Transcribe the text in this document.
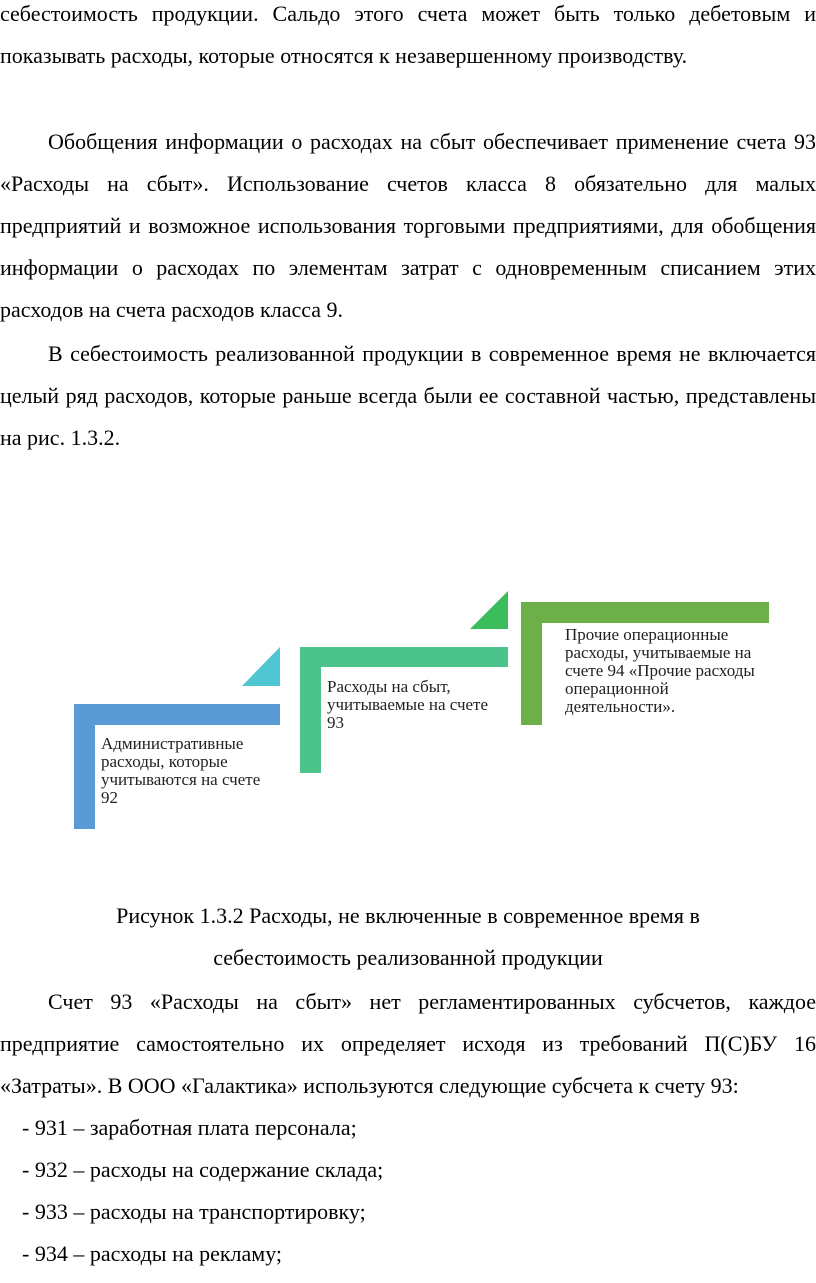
себестоимость продукции. Сальдо этого счета может быть только дебетовым и показывать расходы, которые относятся к незавершенному производству.

Обобщения информации о расходах на сбыт обеспечивает применение счета 93 «Расходы на сбыт». Использование счетов класса 8 обязательно для малых предприятий и возможное использования торговыми предприятиями, для обобщения информации о расходах по элементам затрат с одновременным списанием этих расходов на счета расходов класса 9.

В себестоимость реализованной продукции в современное время не включается целый ряд расходов, которые раньше всегда были ее составной частью, представлены на рис. 1.3.2.

Административные расходы, которые учитываются на счете 92

Расходы на сбыт, учитываемые на счете 93

Прочие операционные расходы, учитываемые на счете 94 «Прочие расходы операционной деятельности».

Рисунок 1.3.2 Расходы, не включенные в современное время в

себестоимость реализованной продукции

Счет 93 «Расходы на сбыт» нет регламентированных субсчетов, каждое предприятие самостоятельно их определяет исходя из требований П(С)БУ 16 «Затраты». В ООО «Галактика» используются следующие субсчета к счету 93:

- 931 – заработная плата персонала;

- 932 – расходы на содержание склада;

- 933 – расходы на транспортировку;

- 934 – расходы на рекламу;
